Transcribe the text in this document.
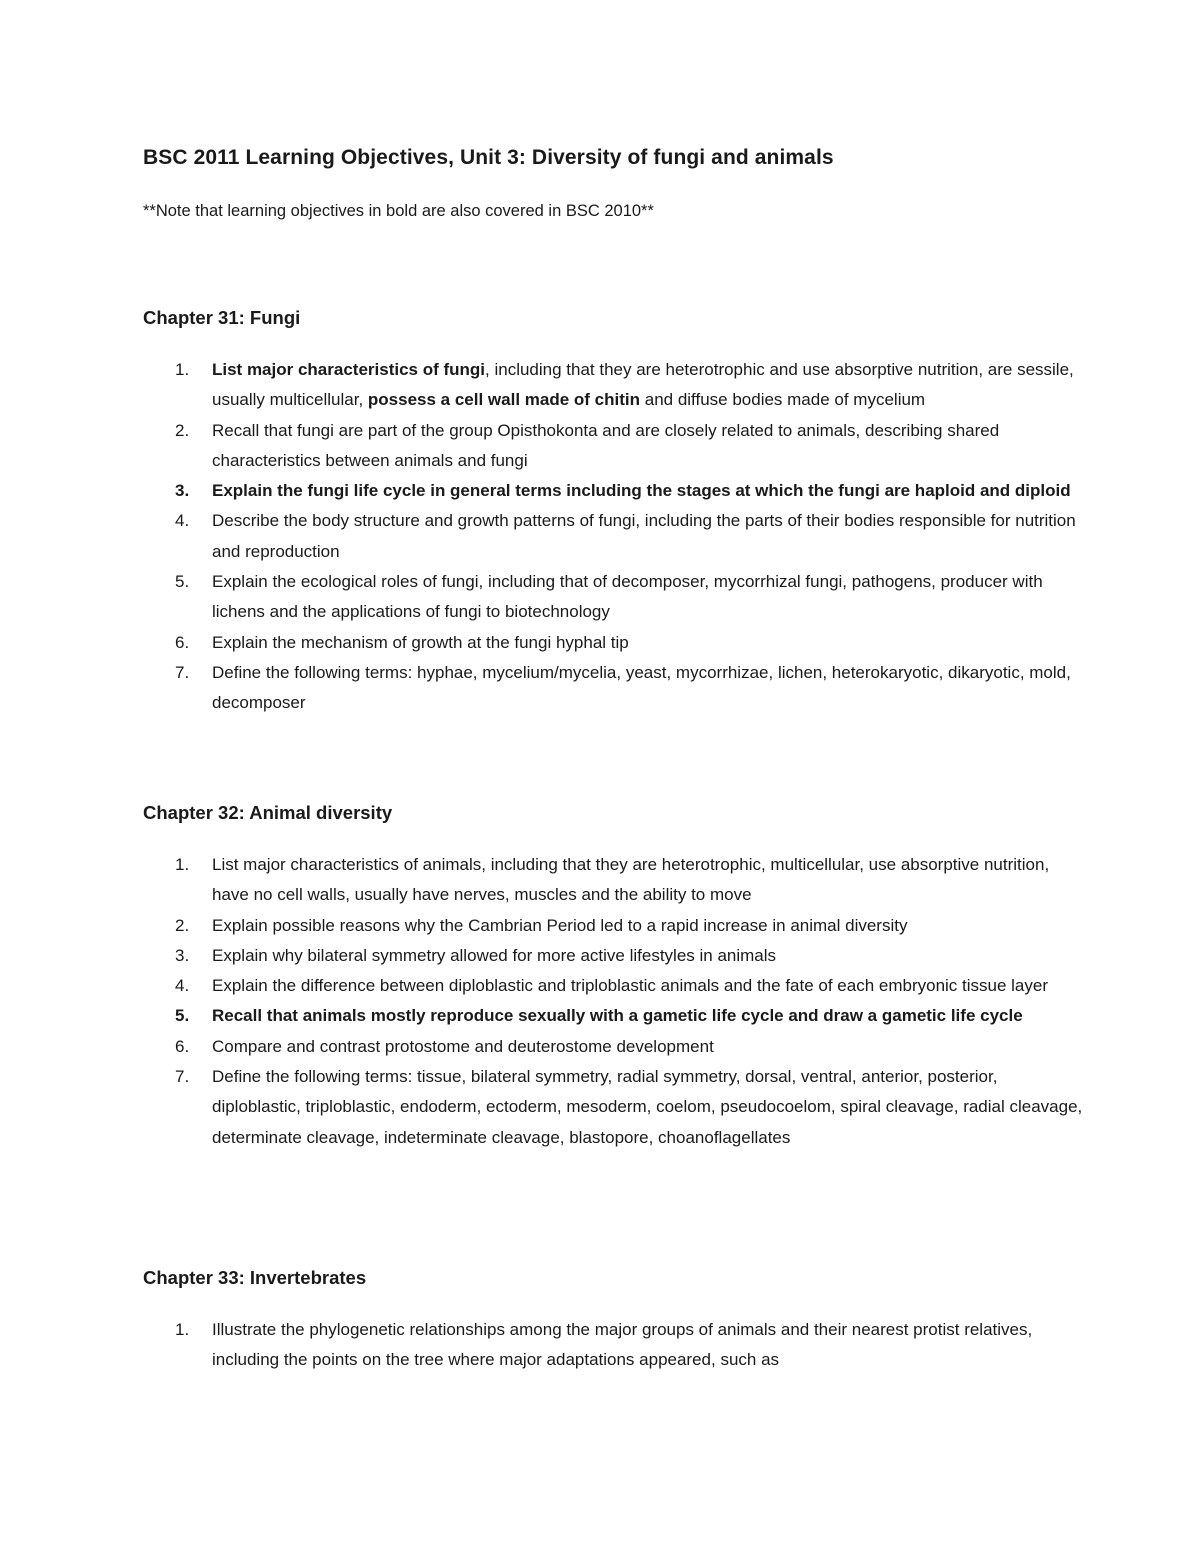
BSC 2011 Learning Objectives, Unit 3: Diversity of fungi and animals

**Note that learning objectives in bold are also covered in BSC 2010**

Chapter 31: Fungi
1. List major characteristics of fungi, including that they are heterotrophic and use absorptive nutrition, are sessile, usually multicellular, possess a cell wall made of chitin and diffuse bodies made of mycelium
2. Recall that fungi are part of the group Opisthokonta and are closely related to animals, describing shared characteristics between animals and fungi
3. Explain the fungi life cycle in general terms including the stages at which the fungi are haploid and diploid
4. Describe the body structure and growth patterns of fungi, including the parts of their bodies responsible for nutrition and reproduction
5. Explain the ecological roles of fungi, including that of decomposer, mycorrhizal fungi, pathogens, producer with lichens and the applications of fungi to biotechnology
6. Explain the mechanism of growth at the fungi hyphal tip
7. Define the following terms: hyphae, mycelium/mycelia, yeast, mycorrhizae, lichen, heterokaryotic, dikaryotic, mold, decomposer
Chapter 32: Animal diversity
1. List major characteristics of animals, including that they are heterotrophic, multicellular, use absorptive nutrition, have no cell walls, usually have nerves, muscles and the ability to move
2. Explain possible reasons why the Cambrian Period led to a rapid increase in animal diversity
3. Explain why bilateral symmetry allowed for more active lifestyles in animals
4. Explain the difference between diploblastic and triploblastic animals and the fate of each embryonic tissue layer
5. Recall that animals mostly reproduce sexually with a gametic life cycle and draw a gametic life cycle
6. Compare and contrast protostome and deuterostome development
7. Define the following terms: tissue, bilateral symmetry, radial symmetry, dorsal, ventral, anterior, posterior, diploblastic, triploblastic, endoderm, ectoderm, mesoderm, coelom, pseudocoelom, spiral cleavage, radial cleavage, determinate cleavage, indeterminate cleavage, blastopore, choanoflagellates
Chapter 33: Invertebrates
1. Illustrate the phylogenetic relationships among the major groups of animals and their nearest protist relatives, including the points on the tree where major adaptations appeared, such as
